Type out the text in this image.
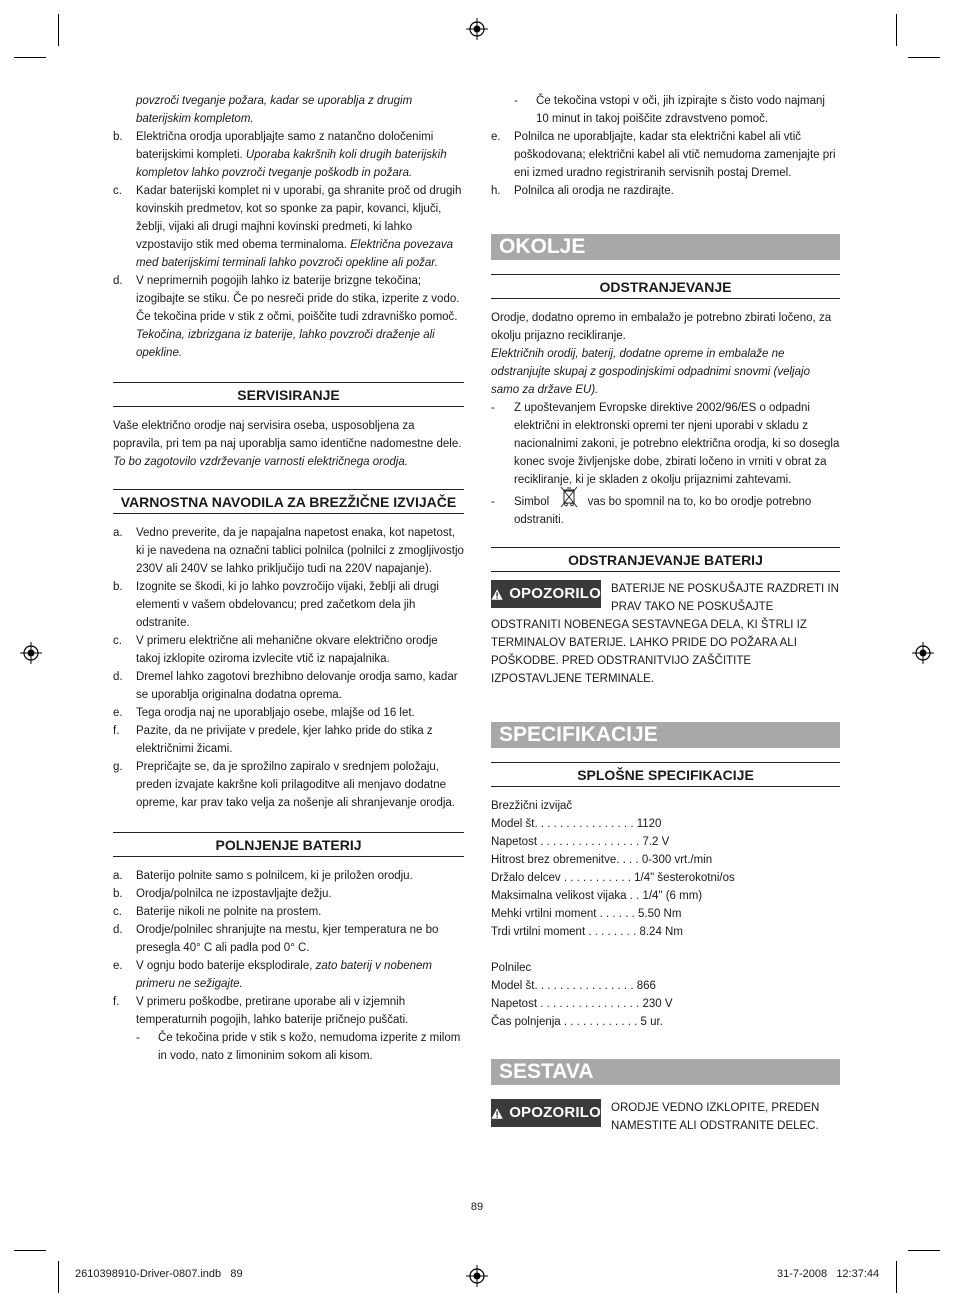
povzroči tveganje požara, kadar se uporablja z drugim baterijskim kompletom.
b.	Električna orodja uporabljajte samo z natančno določenimi baterijskimi kompleti. Uporaba kakršnih koli drugih baterijskih kompletov lahko povzroči tveganje poškodb in požara.
c.	Kadar baterijski komplet ni v uporabi, ga shranite proč od drugih kovinskih predmetov, kot so sponke za papir, kovanci, ključi, žeblji, vijaki ali drugi majhni kovinski predmeti, ki lahko vzpostavijo stik med obema terminaloma. Električna povezava med baterijskimi terminali lahko povzroči opekline ali požar.
d.	V neprimernih pogojih lahko iz baterije brizgne tekočina; izogibajte se stiku. Če po nesreči pride do stika, izperite z vodo. Če tekočina pride v stik z očmi, poiščite tudi zdravniško pomoč. Tekočina, izbrizgana iz baterije, lahko povzroči draženje ali opekline.
SERVISIRANJE
Vaše električno orodje naj servisira oseba, usposobljena za popravila, pri tem pa naj uporablja samo identične nadomestne dele. To bo zagotovilo vzdrževanje varnosti električnega orodja.
VARNOSTNA NAVODILA ZA BREZŽIČNE IZVIJAČE
a.	Vedno preverite, da je napajalna napetost enaka, kot napetost, ki je navedena na označni tablici polnilca (polnilci z zmogljivostjo 230V ali 240V se lahko priključijo tudi na 220V napajanje).
b.	Izognite se škodi, ki jo lahko povzročijo vijaki, žeblji ali drugi elementi v vašem obdelovancu; pred začetkom dela jih odstranite.
c.	V primeru električne ali mehanične okvare električno orodje takoj izklopite oziroma izvlecite vtič iz napajalnika.
d.	Dremel lahko zagotovi brezhibno delovanje orodja samo, kadar se uporablja originalna dodatna oprema.
e.	Tega orodja naj ne uporabljajo osebe, mlajše od 16 let.
f.	Pazite, da ne privijate v predele, kjer lahko pride do stika z električnimi žicami.
g.	Prepričajte se, da je sprožilno zapiralo v srednjem položaju, preden izvajate kakršne koli prilagoditve ali menjavo dodatne opreme, kar prav tako velja za nošenje ali shranjevanje orodja.
POLNJENJE BATERIJ
a.	Baterijo polnite samo s polnilcem, ki je priložen orodju.
b.	Orodja/polnilca ne izpostavljajte dežju.
c.	Baterije nikoli ne polnite na prostem.
d.	Orodje/polnilec shranjujte na mestu, kjer temperatura ne bo presegla 40° C ali padla pod 0° C.
e.	V ognju bodo baterije eksplodirale, zato baterij v nobenem primeru ne sežigajte.
f.	V primeru poškodbe, pretirane uporabe ali v izjemnih temperaturnih pogojih, lahko baterije pričnejo puščati.
-	Če tekočina pride v stik s kožo, nemudoma izperite z milom in vodo, nato z limoninim sokom ali kisom.
-	Če tekočina vstopi v oči, jih izpirajte s čisto vodo najmanj 10 minut in takoj poiščite zdravstveno pomoč.
e.	Polnilca ne uporabljajte, kadar sta električni kabel ali vtič poškodovana; električni kabel ali vtič nemudoma zamenjajte pri eni izmed uradno registriranih servisnih postaj Dremel.
h.	Polnilca ali orodja ne razdirajte.
OKOLJE
ODSTRANJEVANJE
Orodje, dodatno opremo in embalažo je potrebno zbirati ločeno, za okolju prijazno recikliranje.
Električnih orodij, baterij, dodatne opreme in embalaže ne odstranjujte skupaj z gospodinjskimi odpadnimi snovmi (veljajo samo za države EU).
-	Z upoštevanjem Evropske direktive 2002/96/ES o odpadni električni in elektronski opremi ter njeni uporabi v skladu z nacionalnimi zakoni, je potrebno električna orodja, ki so dosegla konec svoje življenjske dobe, zbirati ločeno in vrniti v obrat za recikliranje, ki je skladen z okolju prijaznimi zahtevami.
-	Simbol	vas bo spomnil na to, ko bo orodje potrebno odstraniti.
ODSTRANJEVANJE BATERIJ
OPOZORILO BATERIJE NE POSKUŠAJTE RAZDRETI IN PRAV TAKO NE POSKUŠAJTE ODSTRANITI NOBENEGA SESTAVNEGA DELA, KI ŠTRLI IZ TERMINALOV BATERIJE. LAHKO PRIDE DO POŽARA ALI POŠKODBE. PRED ODSTRANITVIJO ZAŠČITITE IZPOSTAVLJENE TERMINALE.
SPECIFIKACIJE
SPLOŠNE SPECIFIKACIJE
Brezžični izvijač
Model št. . . . . . . . . . . . . . . . 1120
Napetost . . . . . . . . . . . . . . . . 7.2 V
Hitrost brez obremenitve. . . . 0-300 vrt./min
Držalo delcev . . . . . . . . . . . 1/4" šesterokotni/os
Maksimalna velikost vijaka . . 1/4" (6 mm)
Mehki vrtilni moment . . . . . . 5.50 Nm
Trdi vrtilni moment . . . . . . . . 8.24 Nm
Polnilec
Model št. . . . . . . . . . . . . . . . 866
Napetost . . . . . . . . . . . . . . . . 230 V
Čas polnjenja . . . . . . . . . . . . 5 ur.
SESTAVA
OPOZORILO ORODJE VEDNO IZKLOPITE, PREDEN NAMESTITE ALI ODSTRANITE DELEC.
89
2610398910-Driver-0807.indb   89	31-7-2008   12:37:44
